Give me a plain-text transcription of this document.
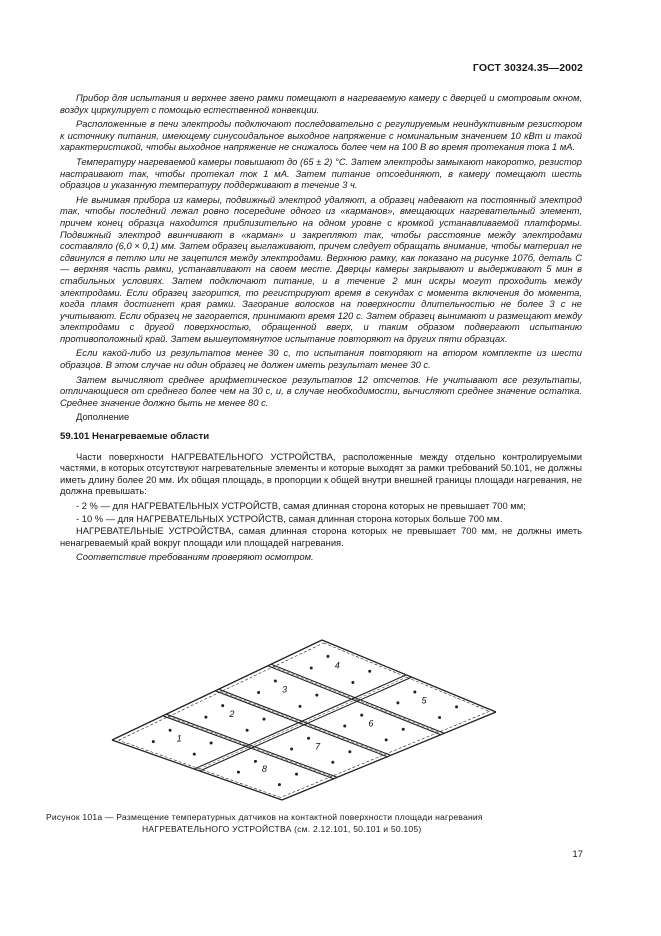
ГОСТ 30324.35—2002

Прибор для испытания и верхнее звено рамки помещают в нагреваемую камеру с дверцей и смотровым окном, воздух циркулирует с помощью естественной конвекции.

Расположенные в печи электроды подключают последовательно с регулируемым неиндуктивным резистором к источнику питания, имеющему синусоидальное выходное напряжение с номинальным значением 10 кВт и такой характеристикой, чтобы выходное напряжение не снижалось более чем на 100 В во время протекания тока 1 мА.

Температуру нагреваемой камеры повышают до (65 ± 2) °С. Затем электроды замыкают накоротко, резистор настраивают так, чтобы протекал ток 1 мА. Затем питание отсоединяют, в камеру помещают шесть образцов и указанную температуру поддерживают в течение 3 ч.

Не вынимая прибора из камеры, подвижный электрод удаляют, а образец надевают на постоянный электрод так, чтобы последний лежал ровно посередине одного из «карманов», вмещающих нагревательный элемент, причем конец образца находится приблизительно на одном уровне с кромкой устанавливаемой платформы. Подвижный электрод ввинчивают в «карман» и закрепляют так, чтобы расстояние между электродами составляло (6,0 × 0,1) мм. Затем образец выглаживают, причем следует обращать внимание, чтобы материал не сдвинулся в петлю или не зацепился между электродами. Верхнюю рамку, как показано на рисунке 107б, деталь С — верхняя часть рамки, устанавливают на своем месте. Дверцы камеры закрывают и выдерживают 5 мин в стабильных условиях. Затем подключают питание, и в течение 2 мин искры могут проходить между электродами. Если образец загорится, то регистрируют время в секундах с момента включения до момента, когда пламя достигнет края рамки. Загорание волосков на поверхности длительностью не более 3 с не учитывают. Если образец не загорается, принимают время 120 с. Затем образец вынимают и размещают между электродами с другой поверхностью, обращенной вверх, и таким образом подвергают испытанию противоположный край. Затем вышеупомянутое испытание повторяют на других пяти образцах.

Если какой-либо из результатов менее 30 с, то испытания повторяют на втором комплекте из шести образцов. В этом случае ни один образец не должен иметь результат менее 30 с.

Затем вычисляют среднее арифметическое результатов 12 отсчетов. Не учитывают все результаты, отличающиеся от среднего более чем на 30 с, и, в случае необходимости, вычисляют среднее значение остатка. Среднее значение должно быть не менее 80 с.

Дополнение

59.101 Ненагреваемые области

Части поверхности НАГРЕВАТЕЛЬНОГО УСТРОЙСТВА, расположенные между отдельно контролируемыми частями, в которых отсутствуют нагревательные элементы и которые выходят за рамки требований 50.101, не должны иметь длину более 20 мм. Их общая площадь, в пропорции к общей внутри внешней границы площади нагревания, не должна превышать:

- 2 % — для НАГРЕВАТЕЛЬНЫХ УСТРОЙСТВ, самая длинная сторона которых не превышает 700 мм;

- 10 % — для НАГРЕВАТЕЛЬНЫХ УСТРОЙСТВ, самая длинная сторона которых больше 700 мм.

НАГРЕВАТЕЛЬНЫЕ УСТРОЙСТВА, самая длинная сторона которых не превышает 700 мм, не должны иметь ненагреваемый край вокруг площади или площадей нагревания.

Соответствие требованиям проверяют осмотром.

1
2
3
4
5
6
7
8
Рисунок 101а — Размещение температурных датчиков на контактной поверхности площади нагревания
НАГРЕВАТЕЛЬНОГО УСТРОЙСТВА (см. 2.12.101, 50.101 и 50.105)
17
